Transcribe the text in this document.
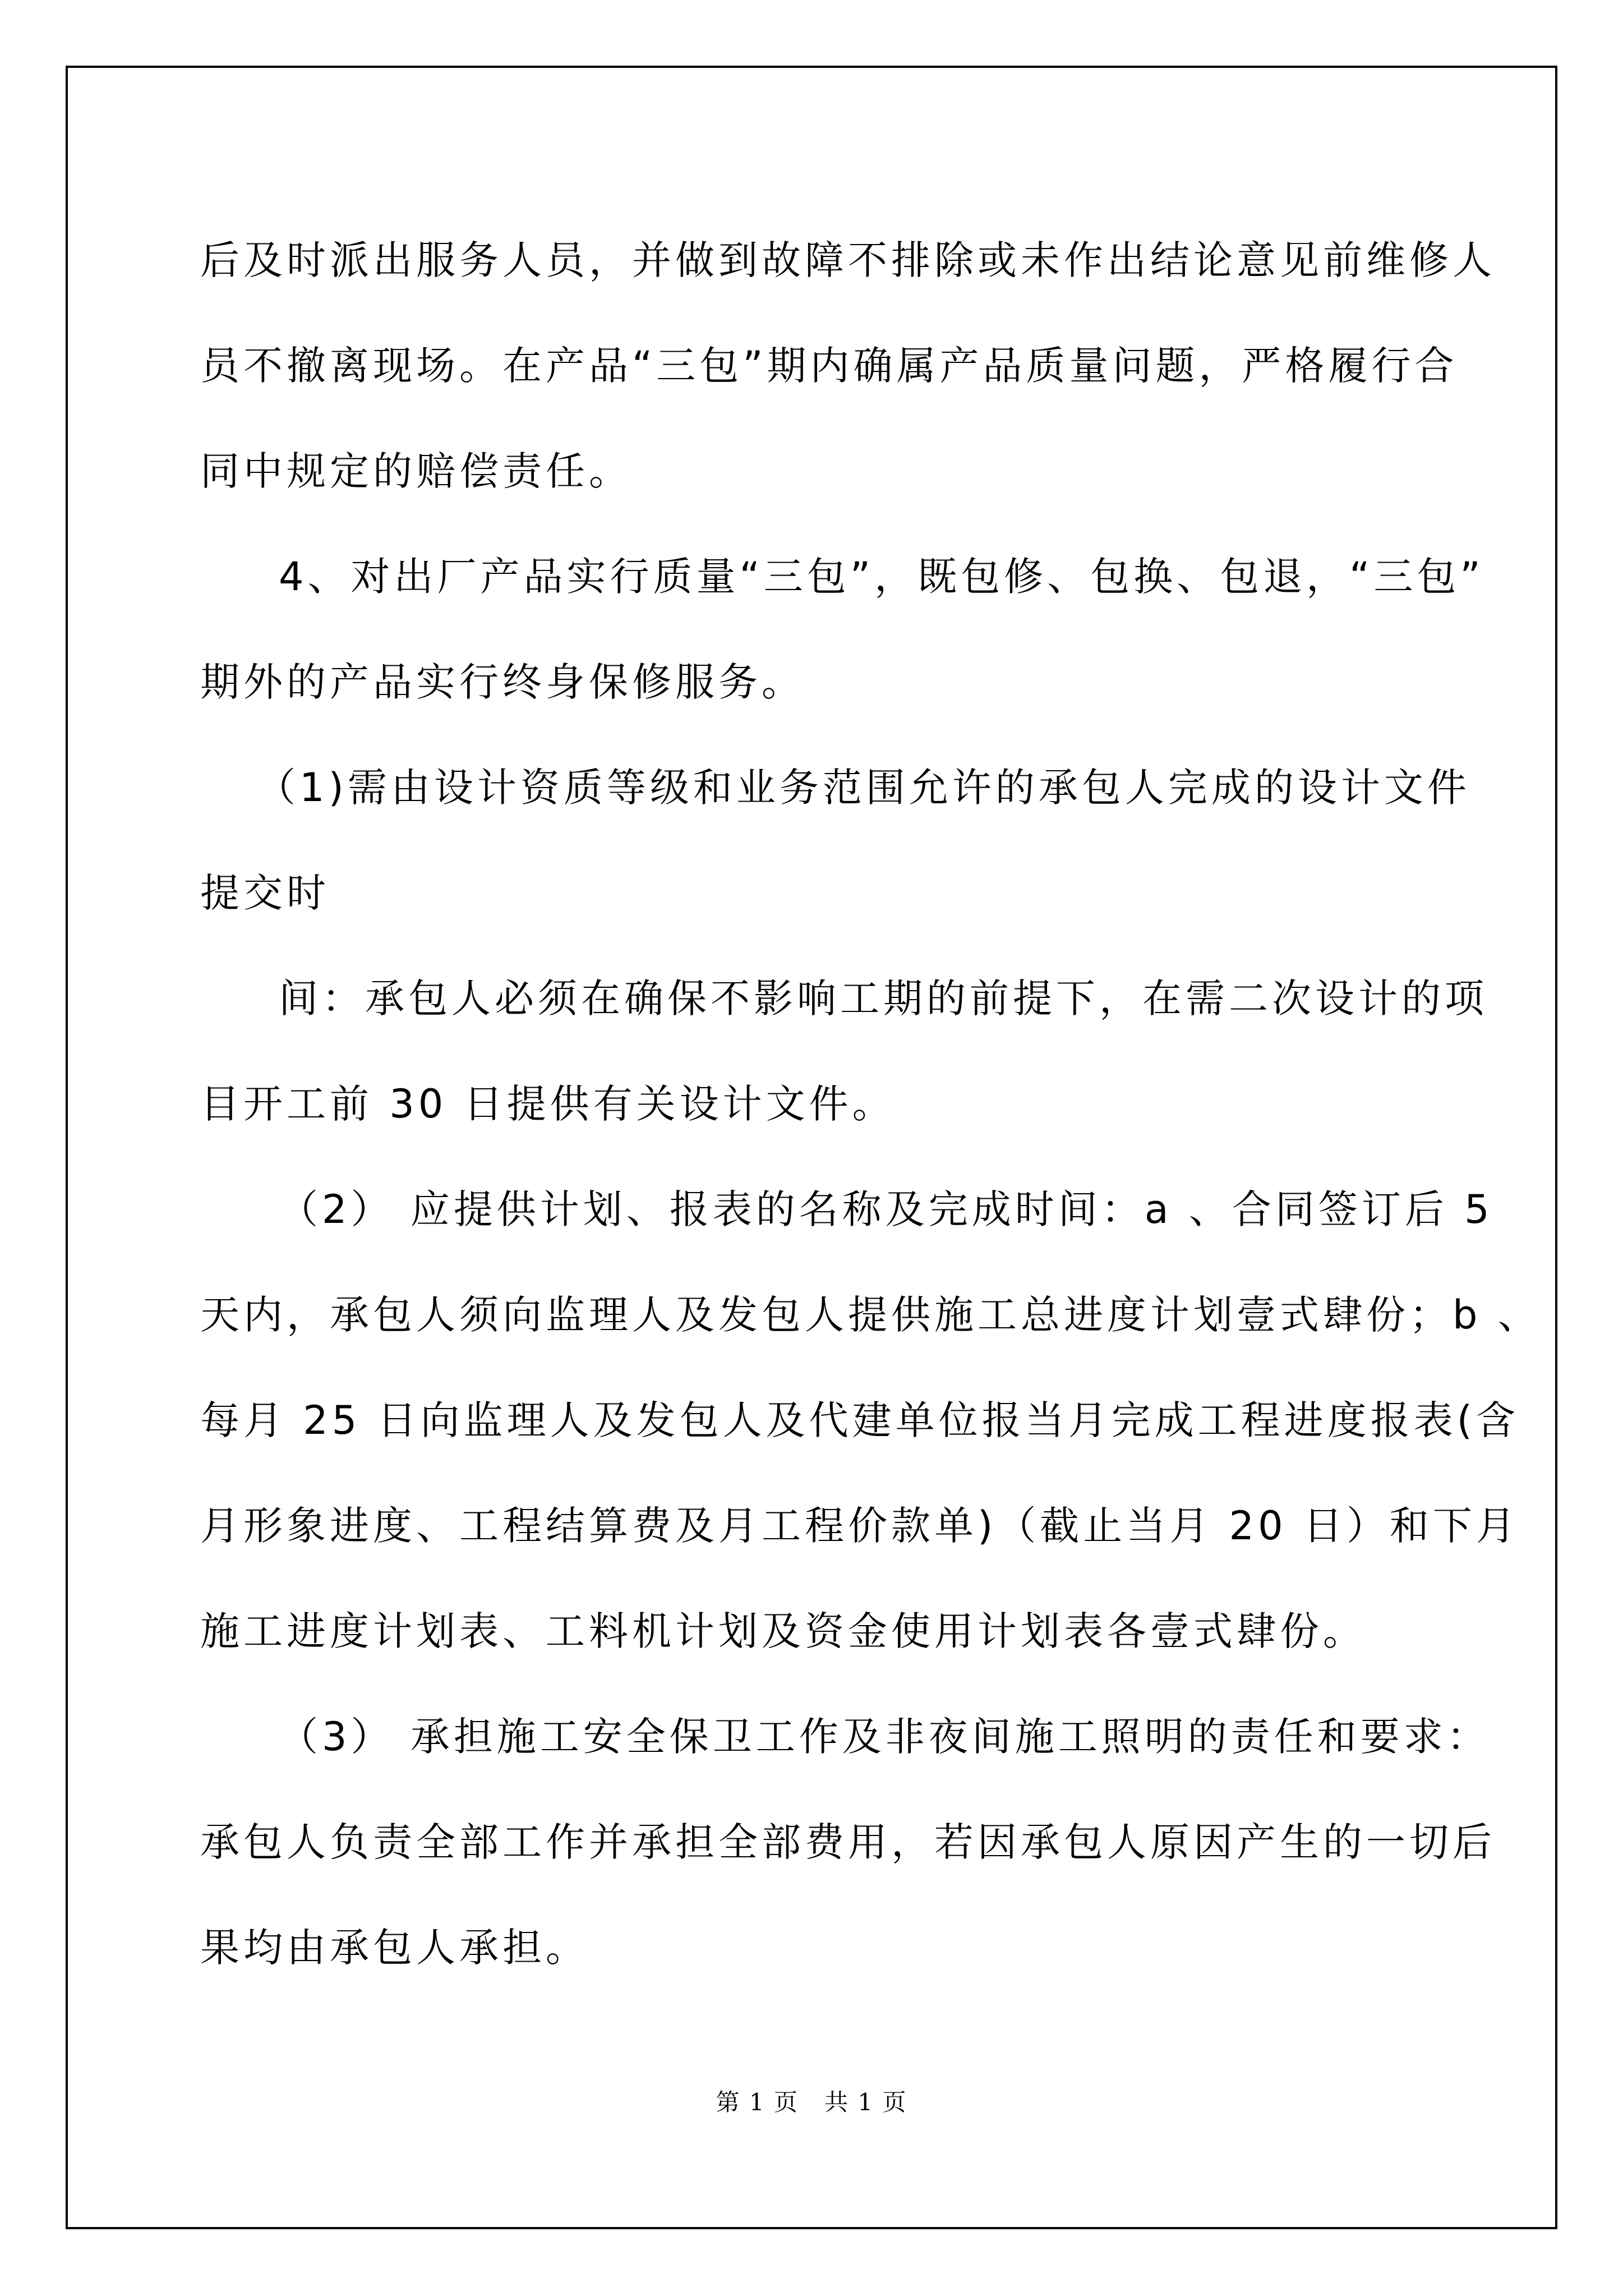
后及时派出服务人员，并做到故障不排除或未作出结论意见前维修人
员不撤离现场。在产品“三包”期内确属产品质量问题，严格履行合
同中规定的赔偿责任。
4、对出厂产品实行质量“三包”，既包修、包换、包退，“三包”
期外的产品实行终身保修服务。
（1)需由设计资质等级和业务范围允许的承包人完成的设计文件
提交时
间：承包人必须在确保不影响工期的前提下，在需二次设计的项
目开工前 30 日提供有关设计文件。
（2） 应提供计划、报表的名称及完成时间：a 、合同签订后 5
天内，承包人须向监理人及发包人提供施工总进度计划壹式肆份；b 、
每月 25 日向监理人及发包人及代建单位报当月完成工程进度报表(含
月形象进度、工程结算费及月工程价款单)（截止当月 20 日）和下月
施工进度计划表、工料机计划及资金使用计划表各壹式肆份。
（3） 承担施工安全保卫工作及非夜间施工照明的责任和要求：
承包人负责全部工作并承担全部费用，若因承包人原因产生的一切后
果均由承包人承担。
第 1 页   共 1 页
